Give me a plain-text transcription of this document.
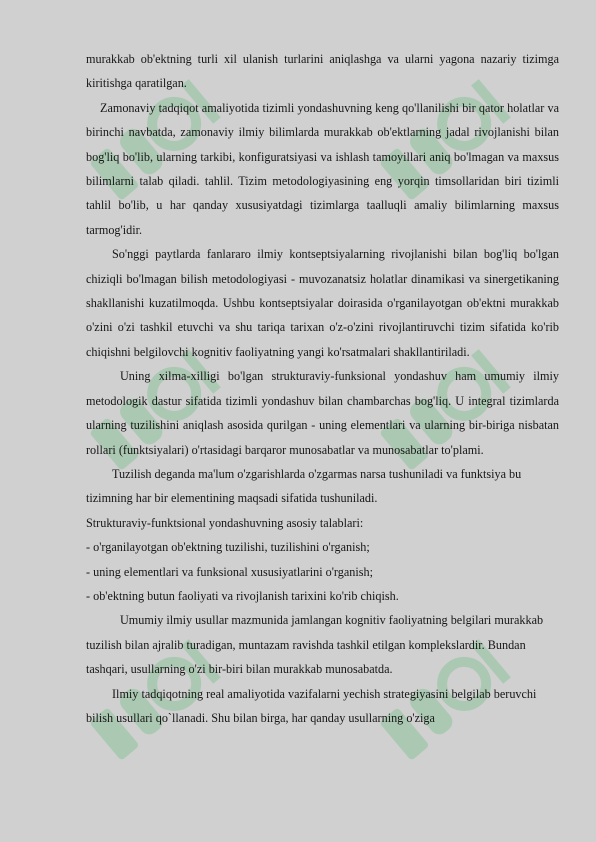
murakkab ob'ektning turli xil ulanish turlarini aniqlashga va ularni yagona nazariy tizimga kiritishga qaratilgan.

Zamonaviy tadqiqot amaliyotida tizimli yondashuvning keng qo'llanilishi bir qator holatlar va birinchi navbatda, zamonaviy ilmiy bilimlarda murakkab ob'ektlarning jadal rivojlanishi bilan bog'liq bo'lib, ularning tarkibi, konfiguratsiyasi va ishlash tamoyillari aniq bo'lmagan va maxsus bilimlarni talab qiladi. tahlil. Tizim metodologiyasining eng yorqin timsollaridan biri tizimli tahlil bo'lib, u har qanday xususiyatdagi tizimlarga taalluqli amaliy bilimlarning maxsus tarmog'idir.

So'nggi paytlarda fanlararo ilmiy kontseptsiyalarning rivojlanishi bilan bog'liq bo'lgan chiziqli bo'lmagan bilish metodologiyasi - muvozanatsiz holatlar dinamikasi va sinergetikaning shakllanishi kuzatilmoqda. Ushbu kontseptsiyalar doirasida o'rganilayotgan ob'ektni murakkab o'zini o'zi tashkil etuvchi va shu tariqa tarixan o'z-o'zini rivojlantiruvchi tizim sifatida ko'rib chiqishni belgilovchi kognitiv faoliyatning yangi ko'rsatmalari shakllantiriladi.

Uning xilma-xilligi bo'lgan strukturaviy-funksional yondashuv ham umumiy ilmiy metodologik dastur sifatida tizimli yondashuv bilan chambarchas bog'liq. U integral tizimlarda ularning tuzilishini aniqlash asosida qurilgan - uning elementlari va ularning bir-biriga nisbatan rollari (funktsiyalari) o'rtasidagi barqaror munosabatlar va munosabatlar to'plami.

Tuzilish deganda ma'lum o'zgarishlarda o'zgarmas narsa tushuniladi va funktsiya bu tizimning har bir elementining maqsadi sifatida tushuniladi.

Strukturaviy-funktsional yondashuvning asosiy talablari:

- o'rganilayotgan ob'ektning tuzilishi, tuzilishini o'rganish;

- uning elementlari va funksional xususiyatlarini o'rganish;

- ob'ektning butun faoliyati va rivojlanish tarixini ko'rib chiqish.

Umumiy ilmiy usullar mazmunida jamlangan kognitiv faoliyatning belgilari murakkab tuzilish bilan ajralib turadigan, muntazam ravishda tashkil etilgan komplekslardir. Bundan tashqari, usullarning o'zi bir-biri bilan murakkab munosabatda.

Ilmiy tadqiqotning real amaliyotida vazifalarni yechish strategiyasini belgilab beruvchi bilish usullari qo`llanadi. Shu bilan birga, har qanday usullarning o'ziga
